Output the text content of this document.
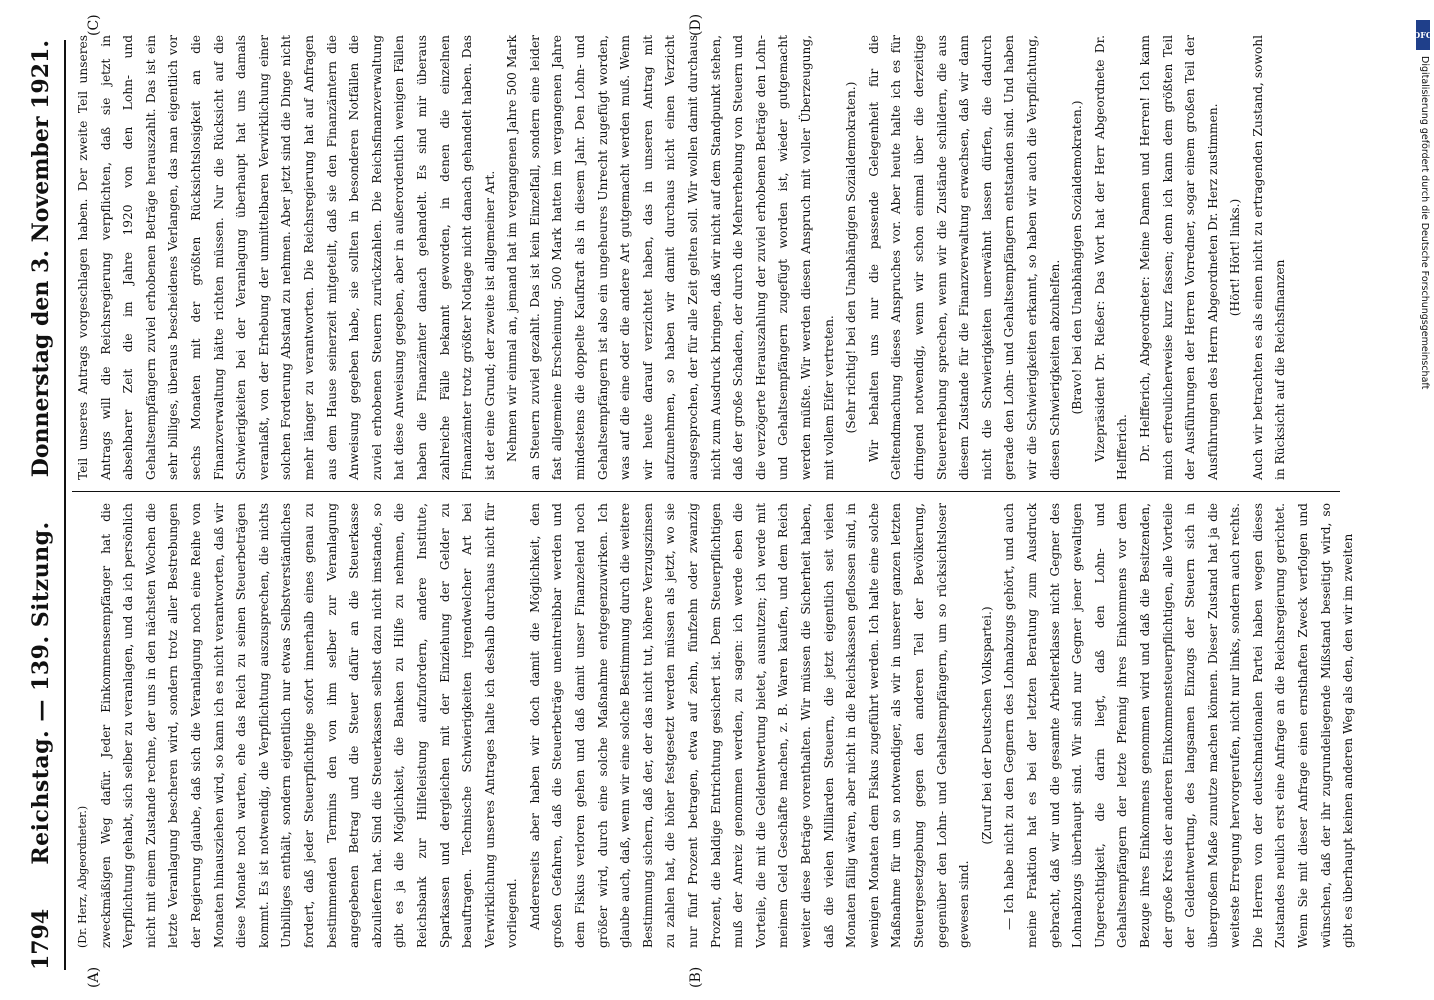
1794
Reichstag. — 139. Sitzung.
Donnerstag den 3. November 1921.
(A)	(B)
(C)	(D)

(Dr. Herz, Abgeordneter.) zweckmäßigen Weg dafür. Jeder Einkommensempfänger hat die Verpflichtung gehabt, sich selber zu veranlagen, und da ich persönlich nicht mit einem Zustande rechne, der uns in den nächsten Wochen die letzte Veranlagung bescheren wird, sondern trotz aller Bestrebungen der Regierung glaube, daß sich die Veranlagung noch eine Reihe von Monaten hinausziehen wird, so kann ich es nicht verantworten, daß wir diese Monate noch warten, ehe das Reich zu seinen Steuerbeträgen kommt. Es ist notwendig, die Verpflichtung auszusprechen, die nichts Unbilliges enthält, sondern eigentlich nur etwas Selbstverständliches fordert, daß jeder Steuerpflichtige sofort innerhalb eines genau zu bestimmenden Termins den von ihm selber zur Veranlagung angegebenen Betrag und die Steuer dafür an die Steuerkasse abzuliefern hat. Sind die Steuerkassen selbst dazu nicht imstande, so gibt es ja die Möglichkeit, die Banken zu Hilfe zu nehmen, die Reichsbank zur Hilfeleistung aufzufordern, andere Institute, Sparkassen und dergleichen mit der Einziehung der Gelder zu beauftragen. Technische Schwierigkeiten irgendwelcher Art bei Verwirklichung unseres Antrages halte ich deshalb durchaus nicht für vorliegend. Andererseits aber haben wir doch damit die Möglichkeit, den großen Gefahren, daß die Steuerbeträge uneintreibbar werden und dem Fiskus verloren gehen und daß damit unser Finanzelend noch größer wird, durch eine solche Maßnahme entgegenzuwirken. Ich glaube auch, daß, wenn wir eine solche Bestimmung durch die weitere Bestimmung sichern, daß der, der das nicht tut, höhere Verzugszinsen zu zahlen hat, die höher festgesetzt werden müssen als jetzt, wo sie nur fünf Prozent betragen, etwa auf zehn, fünfzehn oder zwanzig Prozent, die baldige Entrichtung gesichert ist. Dem Steuerpflichtigen muß der Anreiz genommen werden, zu sagen: ich werde eben die Vorteile, die mit die Geldentwertung bietet, ausnutzen; ich werde mit meinem Geld Geschäfte machen, z. B. Waren kaufen, und dem Reich weiter diese Beträge vorenthalten. Wir müssen die Sicherheit haben, daß die vielen Milliarden Steuern, die jetzt eigentlich seit vielen Monaten fällig wären, aber nicht in die Reichskassen geflossen sind, in wenigen Monaten dem Fiskus zugeführt werden. Ich halte eine solche Maßnahme für um so notwendiger, als wir in unserer ganzen letzten Steuergesetzgebung gegen den anderen Teil der Bevölkerung, gegenüber den Lohn- und Gehaltsempfängern, um so rücksichtsloser gewesen sind.

(Zuruf bei der Deutschen Volkspartei.) — Ich habe nicht zu den Gegnern des Lohnabzugs gehört, und auch meine Fraktion hat es bei der letzten Beratung zum Ausdruck gebracht, daß wir und die gesamte Arbeiterklasse nicht Gegner des Lohnabzugs überhaupt sind. Wir sind nur Gegner jener gewaltigen Ungerechtigkeit, die darin liegt, daß den Lohn- und Gehaltsempfängern der letzte Pfennig ihres Einkommens vor dem Bezuge ihres Einkommens genommen wird und daß die Besitzenden, der große Kreis der anderen Einkommensteuerpflichtigen, alle Vorteile der Geldentwertung, des langsamen Einzugs der Steuern sich in übergroßem Maße zunutze machen können. Dieser Zustand hat ja die weiteste Erregung hervorgerufen, nicht nur links, sondern auch rechts. Die Herren von der deutschnationalen Partei haben wegen dieses Zustandes neulich erst eine Anfrage an die Reichsregierung gerichtet. Wenn Sie mit dieser Anfrage einen ernsthaften Zweck verfolgen und wünschen, daß der ihr zugrundeliegende Mißstand beseitigt wird, so gibt es überhaupt keinen anderen Weg als den, den wir im zweiten

Teil unseres Antrags vorgeschlagen haben. Der zweite Teil unseres Antrags will die Reichsregierung verpflichten, daß sie jetzt in absehbarer Zeit die im Jahre 1920 von den Lohn- und Gehaltsempfängern zuviel erhobenen Beträge herauszahlt. Das ist ein sehr billiges, überaus bescheidenes Verlangen, das man eigentlich vor sechs Monaten mit der größten Rücksichtslosigkeit an die Finanzverwaltung hätte richten müssen. Nur die Rücksicht auf die Schwierigkeiten bei der Veranlagung überhaupt hat uns damals veranlaßt, von der Erhebung der unmittelbaren Verwirklichung einer solchen Forderung Abstand zu nehmen. Aber jetzt sind die Dinge nicht mehr länger zu verantworten. Die Reichsregierung hat auf Anfragen aus dem Hause seinerzeit mitgeteilt, daß sie den Finanzämtern die Anweisung gegeben habe, sie sollten in besonderen Notfällen die zuviel erhobenen Steuern zurückzahlen. Die Reichsfinanzverwaltung hat diese Anweisung gegeben, aber in außerordentlich wenigen Fällen haben die Finanzämter danach gehandelt. Es sind mir überaus zahlreiche Fälle bekannt geworden, in denen die einzelnen Finanzämter trotz größter Notlage nicht danach gehandelt haben. Das ist der eine Grund; der zweite ist allgemeiner Art. Nehmen wir einmal an, jemand hat im vergangenen Jahre 500 Mark an Steuern zuviel gezahlt. Das ist kein Einzelfall, sondern eine leider fast allgemeine Erscheinung. 500 Mark hatten im vergangenen Jahre mindestens die doppelte Kaufkraft als in diesem Jahr. Den Lohn- und Gehaltsempfängern ist also ein ungeheures Unrecht zugefügt worden, was auf die eine oder die andere Art gutgemacht werden muß. Wenn wir heute darauf verzichtet haben, das in unseren Antrag mit aufzunehmen, so haben wir damit durchaus nicht einen Verzicht ausgesprochen, der für alle Zeit gelten soll. Wir wollen damit durchaus nicht zum Ausdruck bringen, daß wir nicht auf dem Standpunkt stehen, daß der große Schaden, der durch die Mehrerhebung von Steuern und die verzögerte Herauszahlung der zuviel erhobenen Beträge den Lohn- und Gehaltsempfängern zugefügt worden ist, wieder gutgemacht werden müßte. Wir werden diesen Anspruch mit voller Überzeugung, mit vollem Eifer vertreten. (Sehr richtig! bei den Unabhängigen Sozialdemokraten.) Wir behalten uns nur die passende Gelegenheit für die Geltendmachung dieses Anspruches vor. Aber heute halte ich es für dringend notwendig, wenn wir schon einmal über die derzeitige Steuererhebung sprechen, wenn wir die Zustände schildern, die aus diesem Zustande für die Finanzverwaltung erwachsen, daß wir dann nicht die Schwierigkeiten unerwähnt lassen dürfen, die dadurch gerade den Lohn- und Gehaltsempfängern entstanden sind. Und haben wir die Schwierigkeiten erkannt, so haben wir auch die Verpflichtung, diesen Schwierigkeiten abzuhelfen. (Bravo! bei den Unabhängigen Sozialdemokraten.) Vizepräsident Dr. Rießer: Das Wort hat der Herr Abgeordnete Dr. Helfferich. Dr. Helfferich, Abgeordneter: Meine Damen und Herren! Ich kann mich erfreulicherweise kurz fassen; denn ich kann dem größten Teil der Ausführungen der Herren Vorredner, sogar einem großen Teil der Ausführungen des Herrn Abgeordneten Dr. Herz zustimmen. (Hört! Hört! links.) Auch wir betrachten es als einen nicht zu ertragenden Zustand, sowohl in Rücksicht auf die Reichsfinanzen

DFG
Digitalisierung gefördert durch die Deutsche Forschungsgemeinschaft
